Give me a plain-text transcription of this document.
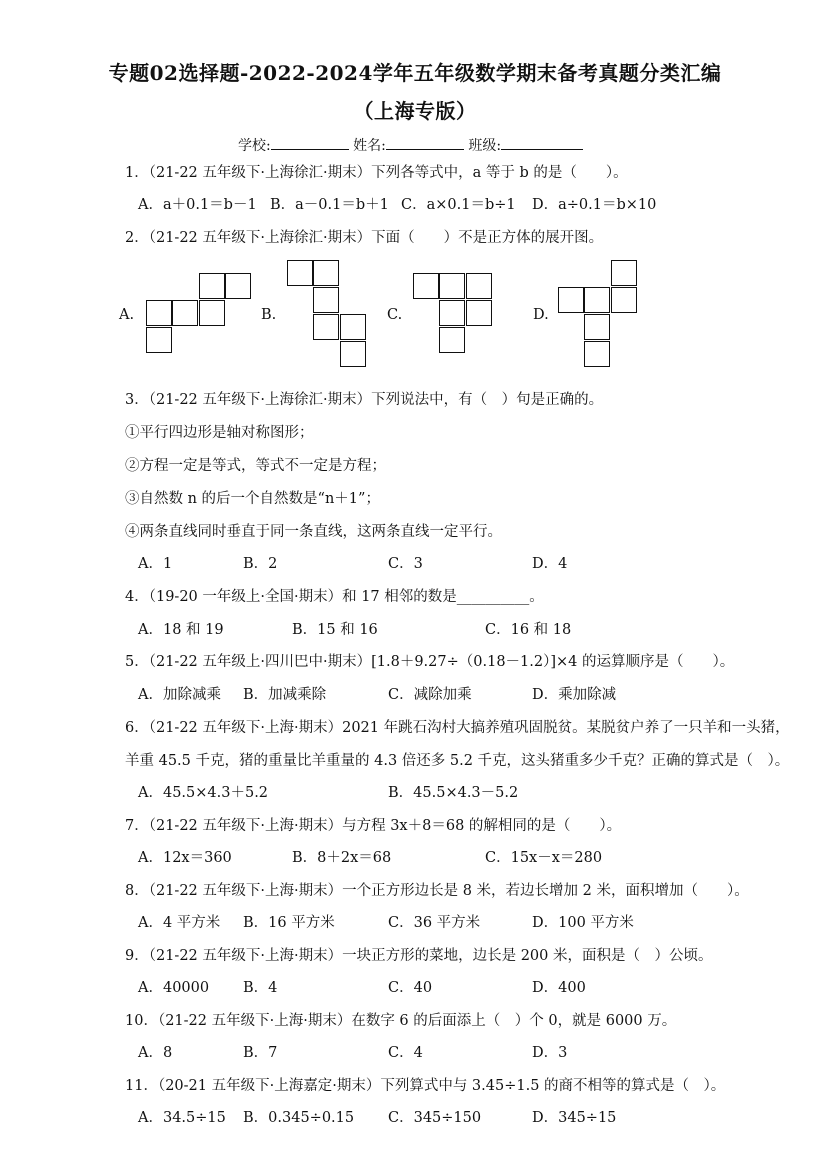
专题02选择题-2022-2024学年五年级数学期末备考真题分类汇编
（上海专版）
学校:	姓名:	班级:
1．（21-22 五年级下·上海徐汇·期末）下列各等式中，a 等于 b 的是（　　）。
A．a＋0.1＝b－1 B．a－0.1＝b＋1 C．a×0.1＝b÷1 D．a÷0.1＝b×10
2．（21-22 五年级下·上海徐汇·期末）下面（　　）不是正方体的展开图。
A.	B.	C.	D.
3．（21-22 五年级下·上海徐汇·期末）下列说法中，有（　）句是正确的。
①平行四边形是轴对称图形；
②方程一定是等式，等式不一定是方程；
③自然数 n 的后一个自然数是“n＋1”；
④两条直线同时垂直于同一条直线，这两条直线一定平行。
A．1	B．2	C．3	D．4
4．（19-20 一年级上·全国·期末）和 17 相邻的数是__________。
A．18 和 19	B．15 和 16	C．16 和 18
5．（21-22 五年级上·四川巴中·期末）[1.8＋9.27÷（0.18－1.2）]×4 的运算顺序是（　　）。
A．加除减乘 B．加减乘除	C．减除加乘	D．乘加除减
6．（21-22 五年级下·上海·期末）2021 年跳石沟村大搞养殖巩固脱贫。某脱贫户养了一只羊和一头猪，
羊重 45.5 千克，猪的重量比羊重量的 4.3 倍还多 5.2 千克，这头猪重多少千克？正确的算式是（　）。
A．45.5×4.3＋5.2	B．45.5×4.3－5.2
7．（21-22 五年级下·上海·期末）与方程 3x＋8＝68 的解相同的是（　　）。
A．12x＝360	B．8＋2x＝68	C．15x－x＝280
8．（21-22 五年级下·上海·期末）一个正方形边长是 8 米，若边长增加 2 米，面积增加（　　）。
A．4 平方米 B．16 平方米	C．36 平方米	D．100 平方米
9．（21-22 五年级下·上海·期末）一块正方形的菜地，边长是 200 米，面积是（　）公顷。
A．40000 B．4	C．40	D．400
10．（21-22 五年级下·上海·期末）在数字 6 的后面添上（　）个 0，就是 6000 万。
A．8	B．7	C．4	D．3
11．（20-21 五年级下·上海嘉定·期末）下列算式中与 3.45÷1.5 的商不相等的算式是（　）。
A．34.5÷15 B．0.345÷0.15 C．345÷150	D．345÷15
